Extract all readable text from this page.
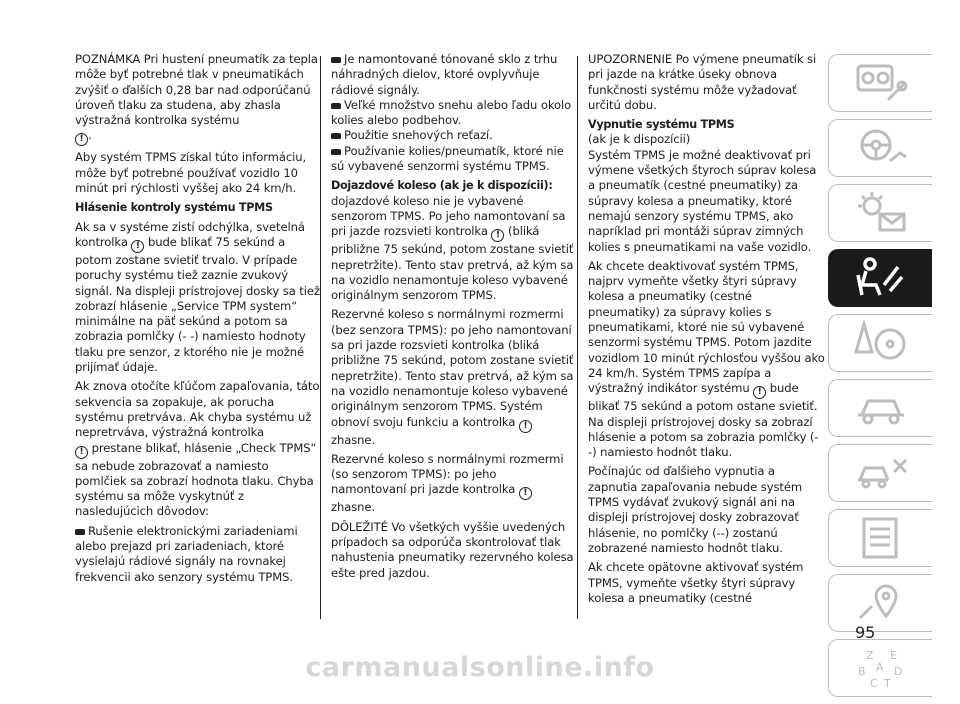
POZNÁMKA Pri hustení pneumatík za tepla môže byť potrebné tlak v pneumatikách zvýšiť o ďalších 0,28 bar nad odporúčanú úroveň tlaku za studena, aby zhasla výstražná kontrolka systému
! .

Aby systém TPMS získal túto informáciu, môže byť potrebné používať vozidlo 10 minút pri rýchlosti vyššej ako 24 km/h.

Hlásenie kontroly systému TPMS

Ak sa v systéme zistí odchýlka, svetelná kontrolka ! bude blikať 75 sekúnd a potom zostane svietiť trvalo. V prípade poruchy systému tiež zaznie zvukový signál. Na displeji prístrojovej dosky sa tiež zobrazí hlásenie „Service TPM system“ minimálne na päť sekúnd a potom sa zobrazia pomlčky (- -) namiesto hodnoty tlaku pre senzor, z ktorého nie je možné prijímať údaje.

Ak znova otočíte kľúčom zapaľovania, táto sekvencia sa zopakuje, ak porucha systému pretrváva. Ak chyba systému už nepretrváva, výstražná kontrolka
! prestane blikať, hlásenie „Check TPMS“ sa nebude zobrazovať a namiesto pomlčiek sa zobrazí hodnota tlaku. Chyba systému sa môže vyskytnúť z nasledujúcich dôvodov:

Rušenie elektronickými zariadeniami alebo prejazd pri zariadeniach, ktoré vysielajú rádiové signály na rovnakej frekvencii ako senzory systému TPMS.

Je namontované tónované sklo z trhu náhradných dielov, ktoré ovplyvňuje rádiové signály.

Veľké množstvo snehu alebo ľadu okolo kolies alebo podbehov.

Použitie snehových reťazí.

Používanie kolies/pneumatík, ktoré nie sú vybavené senzormi systému TPMS.

Dojazdové koleso (ak je k dispozícii):

dojazdové koleso nie je vybavené senzorom TPMS. Po jeho namontovaní sa pri jazde rozsvieti kontrolka ! (bliká približne 75 sekúnd, potom zostane svietiť nepretržite). Tento stav pretrvá, až kým sa na vozidlo nenamontuje koleso vybavené originálnym senzorom TPMS.

Rezervné koleso s normálnymi rozmermi (bez senzora TPMS): po jeho namontovaní sa pri jazde rozsvieti kontrolka (bliká približne 75 sekúnd, potom zostane svietiť nepretržite). Tento stav pretrvá, až kým sa na vozidlo nenamontuje koleso vybavené originálnym senzorom TPMS. Systém obnoví svoju funkciu a kontrolka ! zhasne.

Rezervné koleso s normálnymi rozmermi (so senzorom TPMS): po jeho namontovaní pri jazde kontrolka ! zhasne.

DÔLEŽITÉ Vo všetkých vyššie uvedených prípadoch sa odporúča skontrolovať tlak nahustenia pneumatiky rezervného kolesa ešte pred jazdou.

UPOZORNENIE Po výmene pneumatík si pri jazde na krátke úseky obnova funkčnosti systému môže vyžadovať určitú dobu.

Vypnutie systému TPMS

(ak je k dispozícii)

Systém TPMS je možné deaktivovať pri výmene všetkých štyroch súprav kolesa a pneumatík (cestné pneumatiky) za súpravy kolesa a pneumatiky, ktoré nemajú senzory systému TPMS, ako napríklad pri montáži súprav zimných kolies s pneumatikami na vaše vozidlo.

Ak chcete deaktivovať systém TPMS, najprv vymeňte všetky štyri súpravy kolesa a pneumatiky (cestné pneumatiky) za súpravy kolies s pneumatikami, ktoré nie sú vybavené senzormi systému TPMS. Potom jazdite vozidlom 10 minút rýchlosťou vyššou ako 24 km/h. Systém TPMS zapípa a výstražný indikátor systému ! bude blikať 75 sekúnd a potom ostane svietiť. Na displeji prístrojovej dosky sa zobrazí hlásenie a potom sa zobrazia pomlčky (--) namiesto hodnôt tlaku.

Počínajúc od ďalšieho vypnutia a zapnutia zapaľovania nebude systém TPMS vydávať zvukový signál ani na displeji prístrojovej dosky zobrazovať hlásenie, no pomlčky (--) zostanú zobrazené namiesto hodnôt tlaku.

Ak chcete opätovne aktivovať systém TPMS, vymeňte všetky štyri súpravy kolesa a pneumatiky (cestné

Z E
B A D
C T
95
carmanualsonline.info
